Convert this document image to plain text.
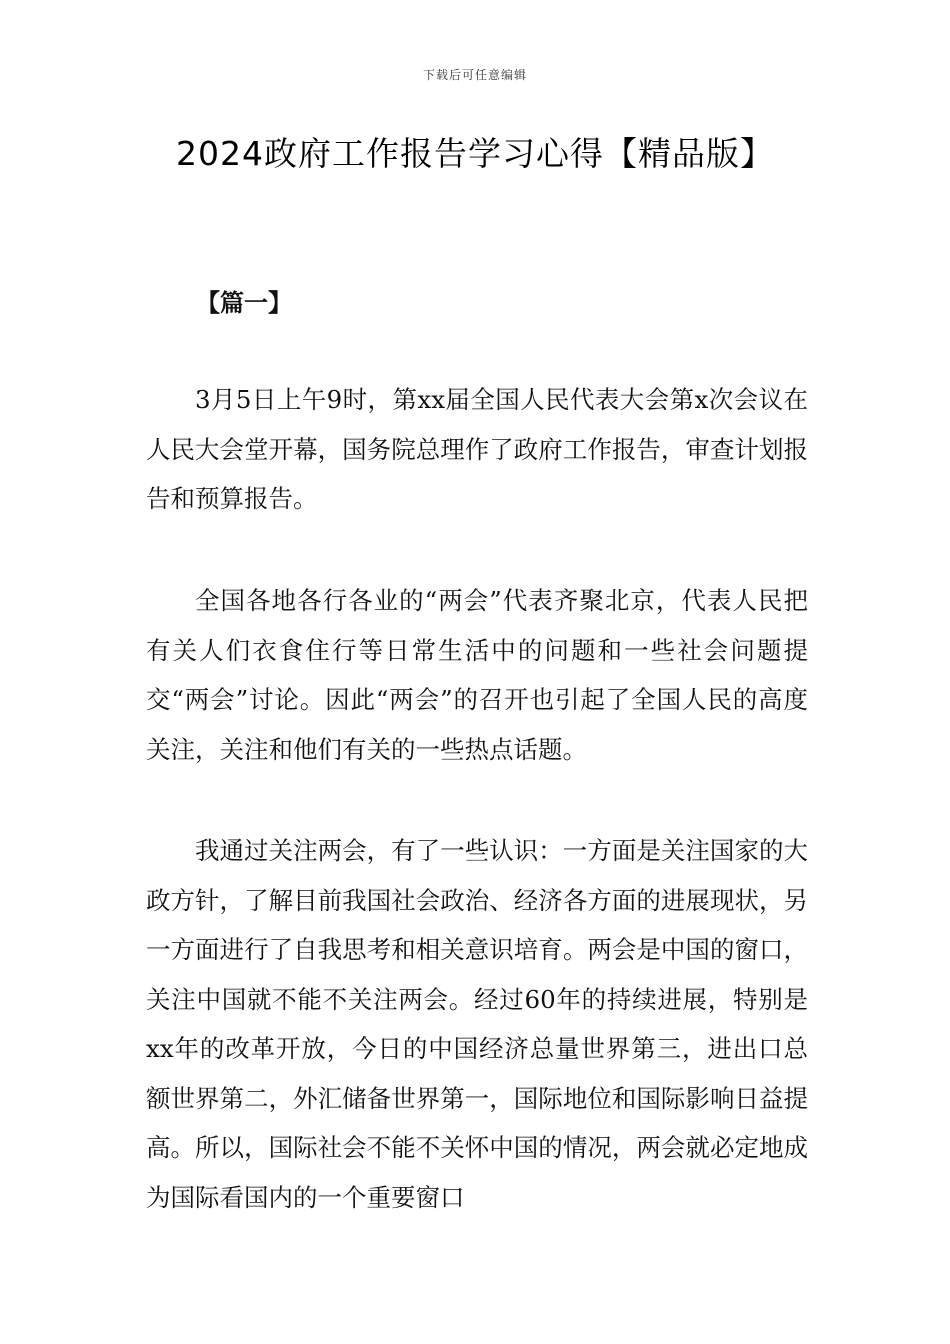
下载后可任意编辑
2024政府工作报告学习心得【精品版】
【篇一】

3月5日上午9时，第xx届全国人民代表大会第x次会议在人民大会堂开幕，国务院总理作了政府工作报告，审查计划报告和预算报告。

全国各地各行各业的“两会”代表齐聚北京，代表人民把有关人们衣食住行等日常生活中的问题和一些社会问题提交“两会”讨论。因此“两会”的召开也引起了全国人民的高度关注，关注和他们有关的一些热点话题。

我通过关注两会，有了一些认识：一方面是关注国家的大政方针，了解目前我国社会政治、经济各方面的进展现状，另一方面进行了自我思考和相关意识培育。两会是中国的窗口，关注中国就不能不关注两会。经过60年的持续进展，特别是xx年的改革开放，今日的中国经济总量世界第三，进出口总额世界第二，外汇储备世界第一，国际地位和国际影响日益提高。所以，国际社会不能不关怀中国的情况，两会就必定地成为国际看国内的一个重要窗口
